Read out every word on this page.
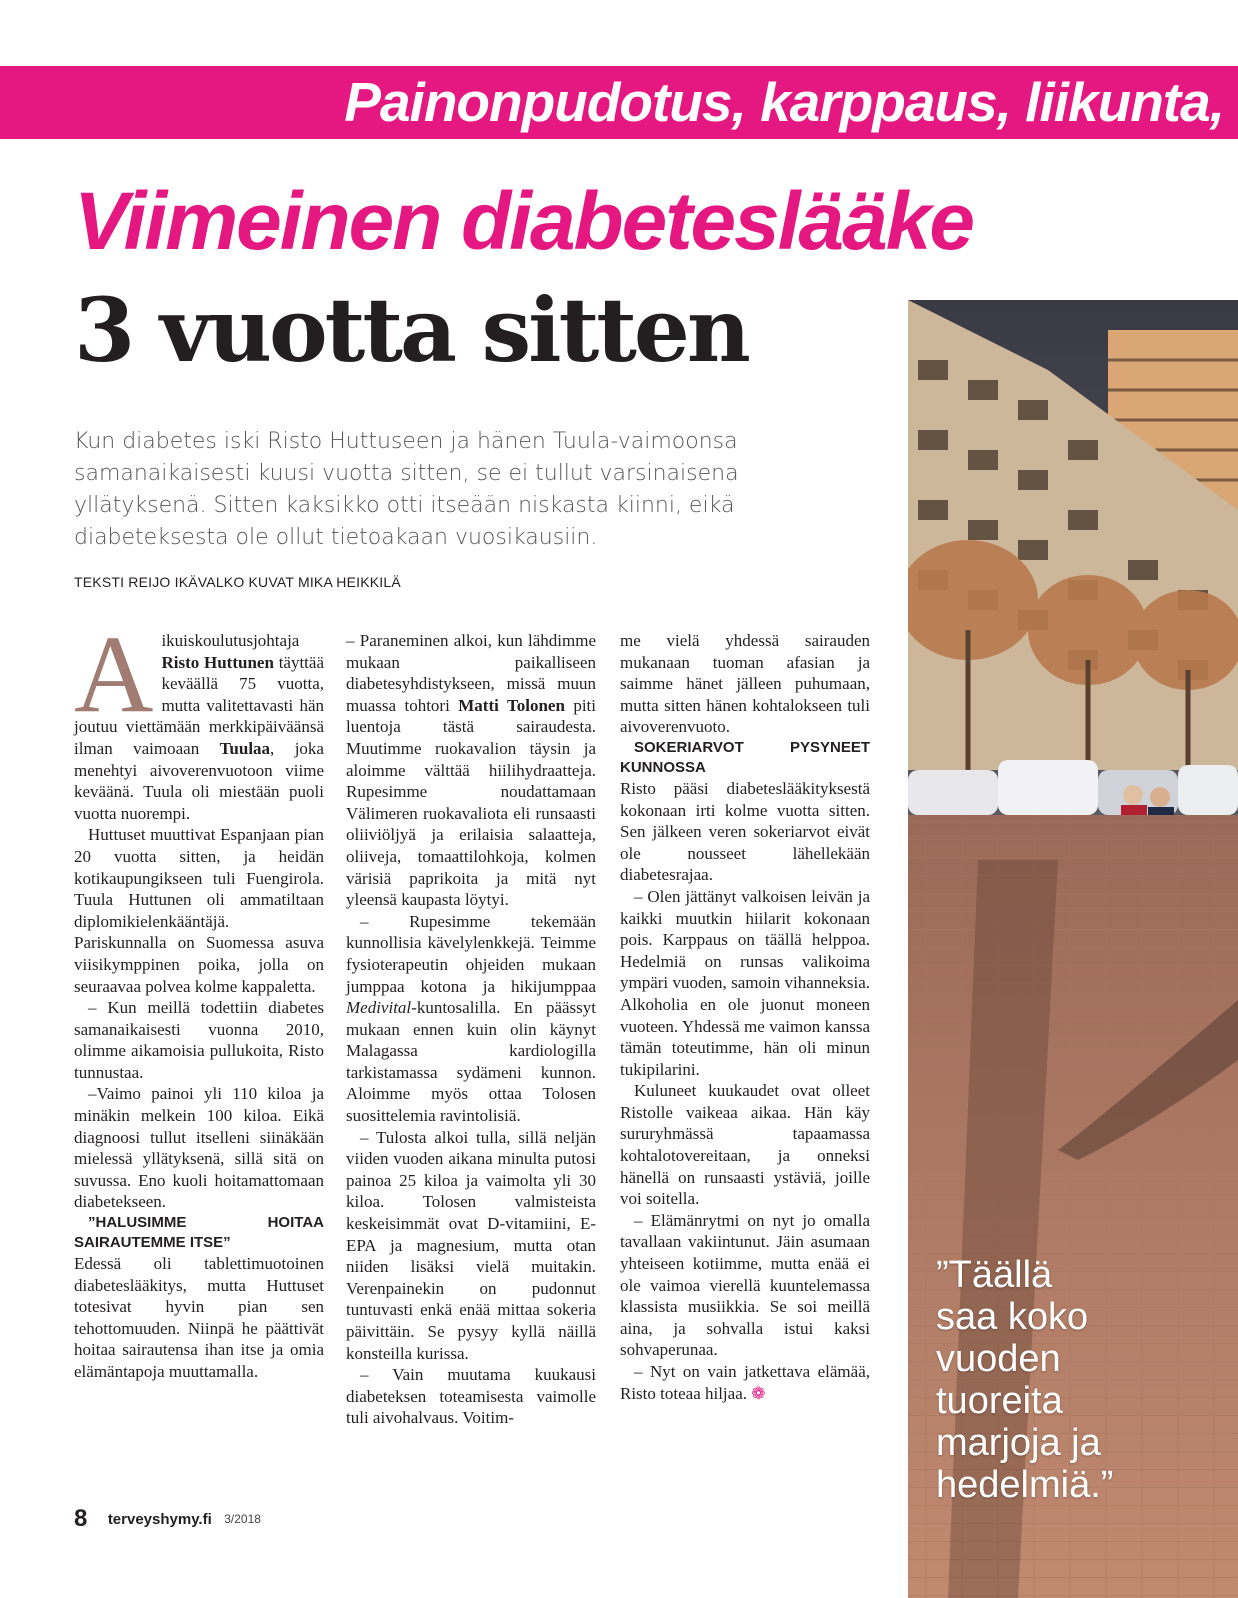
Painonpudotus, karppaus, liikunta,
Viimeinen diabeteslääke
3 vuotta sitten
Kun diabetes iski Risto Huttuseen ja hänen Tuula-vaimoonsa samanaikaisesti kuusi vuotta sitten, se ei tullut varsinaisena yllätyksenä. Sitten kaksikko otti itseään niskasta kiinni, eikä diabeteksesta ole ollut tietoakaan vuosikausiin.
TEKSTI REIJO IKÄVALKO KUVAT MIKA HEIKKILÄ

Aikuiskoulutusjohtaja Risto Huttunen täyttää keväällä 75 vuotta, mutta valitettavasti hän joutuu viettämään merkkipäiväänsä ilman vaimoaan Tuulaa, joka menehtyi aivoverenvuotoon viime keväänä. Tuula oli miestään puoli vuotta nuorempi.

Huttuset muuttivat Espanjaan pian 20 vuotta sitten, ja heidän kotikaupungikseen tuli Fuengirola. Tuula Huttunen oli ammatiltaan diplomikielenkääntäjä. Pariskunnalla on Suomessa asuva viisikymppinen poika, jolla on seuraavaa polvea kolme kappaletta.

– Kun meillä todettiin diabetes samanaikaisesti vuonna 2010, olimme aikamoisia pullukoita, Risto tunnustaa.

–Vaimo painoi yli 110 kiloa ja minäkin melkein 100 kiloa. Eikä diagnoosi tullut itselleni siinäkään mielessä yllätyksenä, sillä sitä on suvussa. Eno kuoli hoitamattomaan diabetekseen.

”HALUSIMME HOITAA SAIRAUTEMME ITSE”

Edessä oli tablettimuotoinen diabeteslääkitys, mutta Huttuset totesivat hyvin pian sen tehottomuuden. Niinpä he päättivät hoitaa sairautensa ihan itse ja omia elämäntapoja muuttamalla.

– Paraneminen alkoi, kun lähdimme mukaan paikalliseen diabetesyhdistykseen, missä muun muassa tohtori Matti Tolonen piti luentoja tästä sairaudesta. Muutimme ruokavalion täysin ja aloimme välttää hiilihydraatteja. Rupesimme noudattamaan Välimeren ruokavaliota eli runsaasti oliiviöljyä ja erilaisia salaatteja, oliiveja, tomaattilohkoja, kolmen värisiä paprikoita ja mitä nyt yleensä kaupasta löytyi.

– Rupesimme tekemään kunnollisia kävelylenkkejä. Teimme fysioterapeutin ohjeiden mukaan jumppaa kotona ja hikijumppaa Medivital-kuntosalilla. En päässyt mukaan ennen kuin olin käynyt Malagassa kardiologilla tarkistamassa sydämeni kunnon. Aloimme myös ottaa Tolosen suosittelemia ravintolisiä.

– Tulosta alkoi tulla, sillä neljän viiden vuoden aikana minulta putosi painoa 25 kiloa ja vaimolta yli 30 kiloa. Tolosen valmisteista keskeisimmät ovat D-vitamiini, E-EPA ja magnesium, mutta otan niiden lisäksi vielä muitakin. Verenpainekin on pudonnut tuntuvasti enkä enää mittaa sokeria päivittäin. Se pysyy kyllä näillä konsteilla kurissa.

– Vain muutama kuukausi diabeteksen toteamisesta vaimolle tuli aivohalvaus. Voitim-

me vielä yhdessä sairauden mukanaan tuoman afasian ja saimme hänet jälleen puhumaan, mutta sitten hänen kohtalokseen tuli aivoverenvuoto.

SOKERIARVOT PYSYNEET KUNNOSSA

Risto pääsi diabeteslääkityksestä kokonaan irti kolme vuotta sitten. Sen jälkeen veren sokeriarvot eivät ole nousseet lähellekään diabetesrajaa.

– Olen jättänyt valkoisen leivän ja kaikki muutkin hiilarit kokonaan pois. Karppaus on täällä helppoa. Hedelmiä on runsas valikoima ympäri vuoden, samoin vihanneksia. Alkoholia en ole juonut moneen vuoteen. Yhdessä me vaimon kanssa tämän toteutimme, hän oli minun tukipilarini.

Kuluneet kuukaudet ovat olleet Ristolle vaikeaa aikaa. Hän käy sururyhmässä tapaamassa kohtalotovereitaan, ja onneksi hänellä on runsaasti ystäviä, joille voi soitella.

– Elämänrytmi on nyt jo omalla tavallaan vakiintunut. Jäin asumaan yhteiseen kotiimme, mutta enää ei ole vaimoa vierellä kuuntelemassa klassista musiikkia. Se soi meillä aina, ja sohvalla istui kaksi sohvaperunaa.

– Nyt on vain jatkettava elämää, Risto toteaa hiljaa. ❁

”Täällä
saa koko
vuoden
tuoreita
marjoja ja
hedelmiä.”
8 terveyshymy.fi 3/2018
